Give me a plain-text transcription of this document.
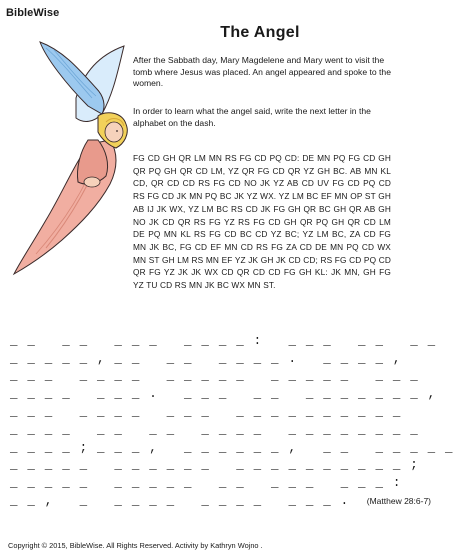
BibleWise
The Angel
After the Sabbath day, Mary Magdelene and Mary went to visit the tomb where Jesus was placed. An angel appeared and spoke to the women.
In order to learn what the angel said, write the next letter in the alphabet on the dash.
FG CD GH QR LM MN RS FG CD PQ CD: DE MN PQ FG CD GH QR PQ GH QR CD LM, YZ QR FG CD QR YZ GH BC. AB MN KL CD, QR CD CD RS FG CD NO JK YZ AB CD UV FG CD PQ CD RS FG CD JK MN PQ BC JK YZ WX. YZ LM BC EF MN OP ST GH AB IJ JK WX, YZ LM BC RS CD JK FG GH QR BC GH QR AB GH NO JK CD QR RS FG YZ RS FG CD GH QR PQ GH QR CD LM DE PQ MN KL RS FG CD BC CD YZ BC; YZ LM BC, ZA CD FG MN JK BC, FG CD EF MN CD RS FG ZA CD DE MN PQ CD WX MN ST GH LM RS MN EF YZ JK GH JK CD CD; RS FG CD PQ CD QR FG YZ JK JK WX CD QR CD CD FG GH KL: JK MN, GH FG YZ TU CD RS MN JK BC WX MN ST.

_ _   _ _   _ _ _   _ _ _ _ :   _ _ _   _ _   _ _
_ _ _ _ _ , _ _   _ _   _ _ _ _ .   _ _ _ _ ,
_ _ _   _ _ _ _   _ _ _ _ _   _ _ _ _ _   _ _ _
_ _ _ _   _ _ _ .   _ _ _   _ _   _ _ _ _ _ _ _ ,
_ _ _   _ _ _ _   _ _ _   _ _ _ _ _ _ _ _ _ _
_ _ _ _   _ _   _ _   _ _ _ _   _ _ _ _ _ _ _ _
_ _ _ _ ; _ _ _ ,   _ _ _ _ _ _ ,   _ _   _ _ _ _ _
_ _ _ _ _   _ _ _ _ _ _   _ _ _ _ _ _ _ _ _ _ ;
_ _ _ _ _   _ _ _ _ _   _ _   _ _ _   _ _ _ :
_ _ ,   _   _ _ _ _   _ _ _ _   _ _ _ . (Matthew 28:6-7)
Copyright © 2015, BibleWise. All Rights Reserved. Activity by Kathryn Wojno .
